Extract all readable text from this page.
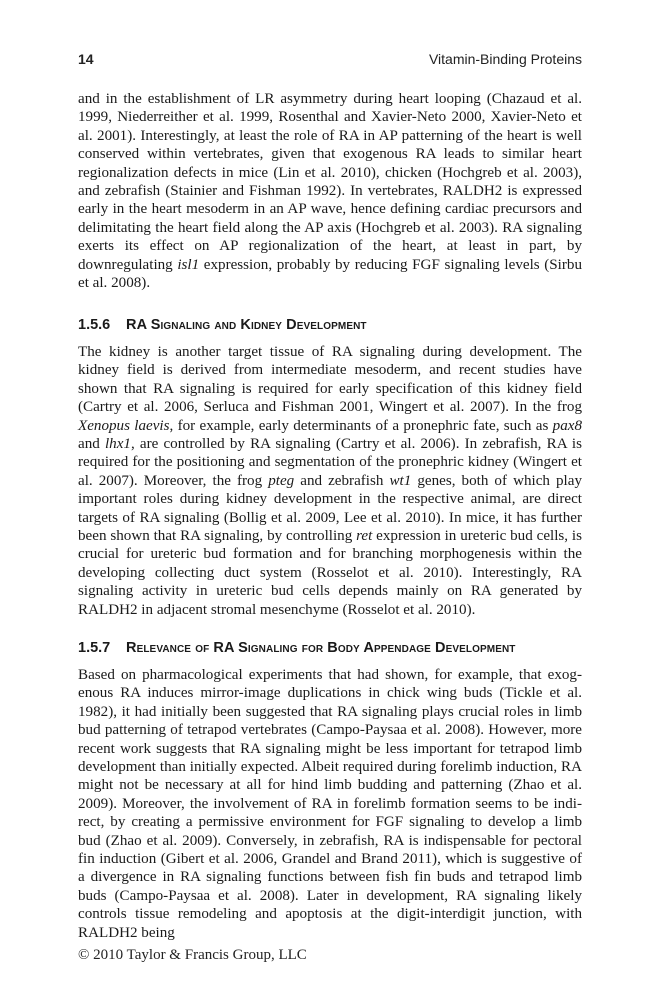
14	Vitamin-Binding Proteins

and in the establishment of LR asymmetry during heart looping (Chazaud et al. 1999, Niederreither et al. 1999, Rosenthal and Xavier-Neto 2000, Xavier-Neto et al. 2001). Interestingly, at least the role of RA in AP patterning of the heart is well conserved within vertebrates, given that exogenous RA leads to similar heart regionalization defects in mice (Lin et al. 2010), chicken (Hochgreb et al. 2003), and zebrafish (Stainier and Fishman 1992). In vertebrates, RALDH2 is expressed early in the heart mesoderm in an AP wave, hence defining cardiac precursors and delimitating the heart field along the AP axis (Hochgreb et al. 2003). RA signaling exerts its effect on AP regionalization of the heart, at least in part, by downregulating isl1 expression, probably by reducing FGF signaling levels (Sirbu et al. 2008).

1.5.6 RA Signaling and Kidney Development

The kidney is another target tissue of RA signaling during development. The kidney field is derived from intermediate mesoderm, and recent studies have shown that RA signaling is required for early specification of this kidney field (Cartry et al. 2006, Serluca and Fishman 2001, Wingert et al. 2007). In the frog Xenopus laevis, for example, early determinants of a pronephric fate, such as pax8 and lhx1, are controlled by RA signaling (Cartry et al. 2006). In zebrafish, RA is required for the positioning and segmentation of the pronephric kidney (Wingert et al. 2007). Moreover, the frog pteg and zebrafish wt1 genes, both of which play important roles during kidney development in the respective animal, are direct targets of RA signaling (Bollig et al. 2009, Lee et al. 2010). In mice, it has further been shown that RA signaling, by controlling ret expression in ureteric bud cells, is crucial for ureteric bud formation and for branching morphogenesis within the developing collecting duct system (Rosselot et al. 2010). Interestingly, RA signaling activity in ureteric bud cells depends mainly on RA generated by RALDH2 in adjacent stromal mesenchyme (Rosselot et al. 2010).

1.5.7 Relevance of RA Signaling for Body Appendage Development

Based on pharmacological experiments that had shown, for example, that exogenous RA induces mirror-image duplications in chick wing buds (Tickle et al. 1982), it had initially been suggested that RA signaling plays crucial roles in limb bud patterning of tetrapod vertebrates (Campo-Paysaa et al. 2008). However, more recent work suggests that RA signaling might be less important for tetrapod limb development than initially expected. Albeit required during forelimb induction, RA might not be necessary at all for hind limb budding and patterning (Zhao et al. 2009). Moreover, the involvement of RA in forelimb formation seems to be indirect, by creating a permissive environment for FGF signaling to develop a limb bud (Zhao et al. 2009). Conversely, in zebrafish, RA is indispensable for pectoral fin induction (Gibert et al. 2006, Grandel and Brand 2011), which is suggestive of a divergence in RA signaling functions between fish fin buds and tetrapod limb buds (Campo-Paysaa et al. 2008). Later in development, RA signaling likely controls tissue remodeling and apoptosis at the digit-interdigit junction, with RALDH2 being

© 2010 Taylor & Francis Group, LLC
